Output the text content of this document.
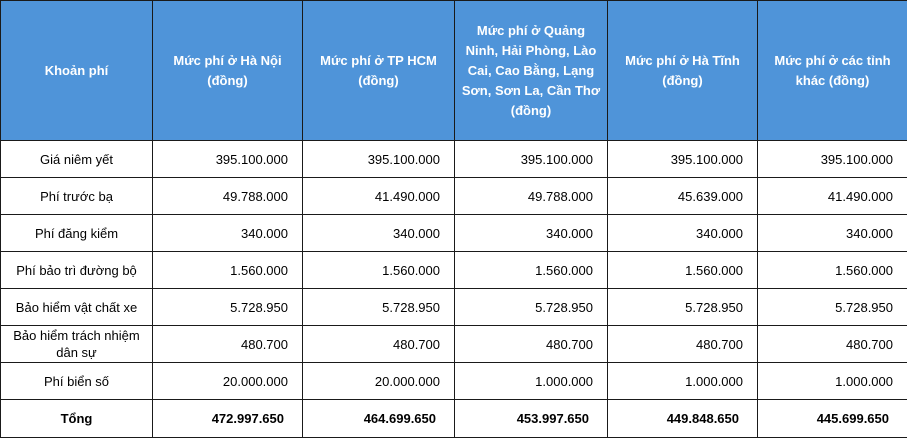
Khoản phí	Mức phí ở Hà Nội (đồng)	Mức phí ở TP HCM (đồng)	Mức phí ở Quảng Ninh, Hải Phòng, Lào Cai, Cao Bằng, Lạng Sơn, Sơn La, Cần Thơ (đồng)	Mức phí ở Hà Tĩnh (đồng)	Mức phí ở các tỉnh khác (đồng)
Giá niêm yết	395.100.000	395.100.000	395.100.000	395.100.000	395.100.000
Phí trước bạ	49.788.000	41.490.000	49.788.000	45.639.000	41.490.000
Phí đăng kiểm	340.000	340.000	340.000	340.000	340.000
Phí bảo trì đường bộ	1.560.000	1.560.000	1.560.000	1.560.000	1.560.000
Bảo hiểm vật chất xe	5.728.950	5.728.950	5.728.950	5.728.950	5.728.950
Bảo hiểm trách nhiệm dân sự	480.700	480.700	480.700	480.700	480.700
Phí biển số	20.000.000	20.000.000	1.000.000	1.000.000	1.000.000
Tổng	472.997.650	464.699.650	453.997.650	449.848.650	445.699.650
